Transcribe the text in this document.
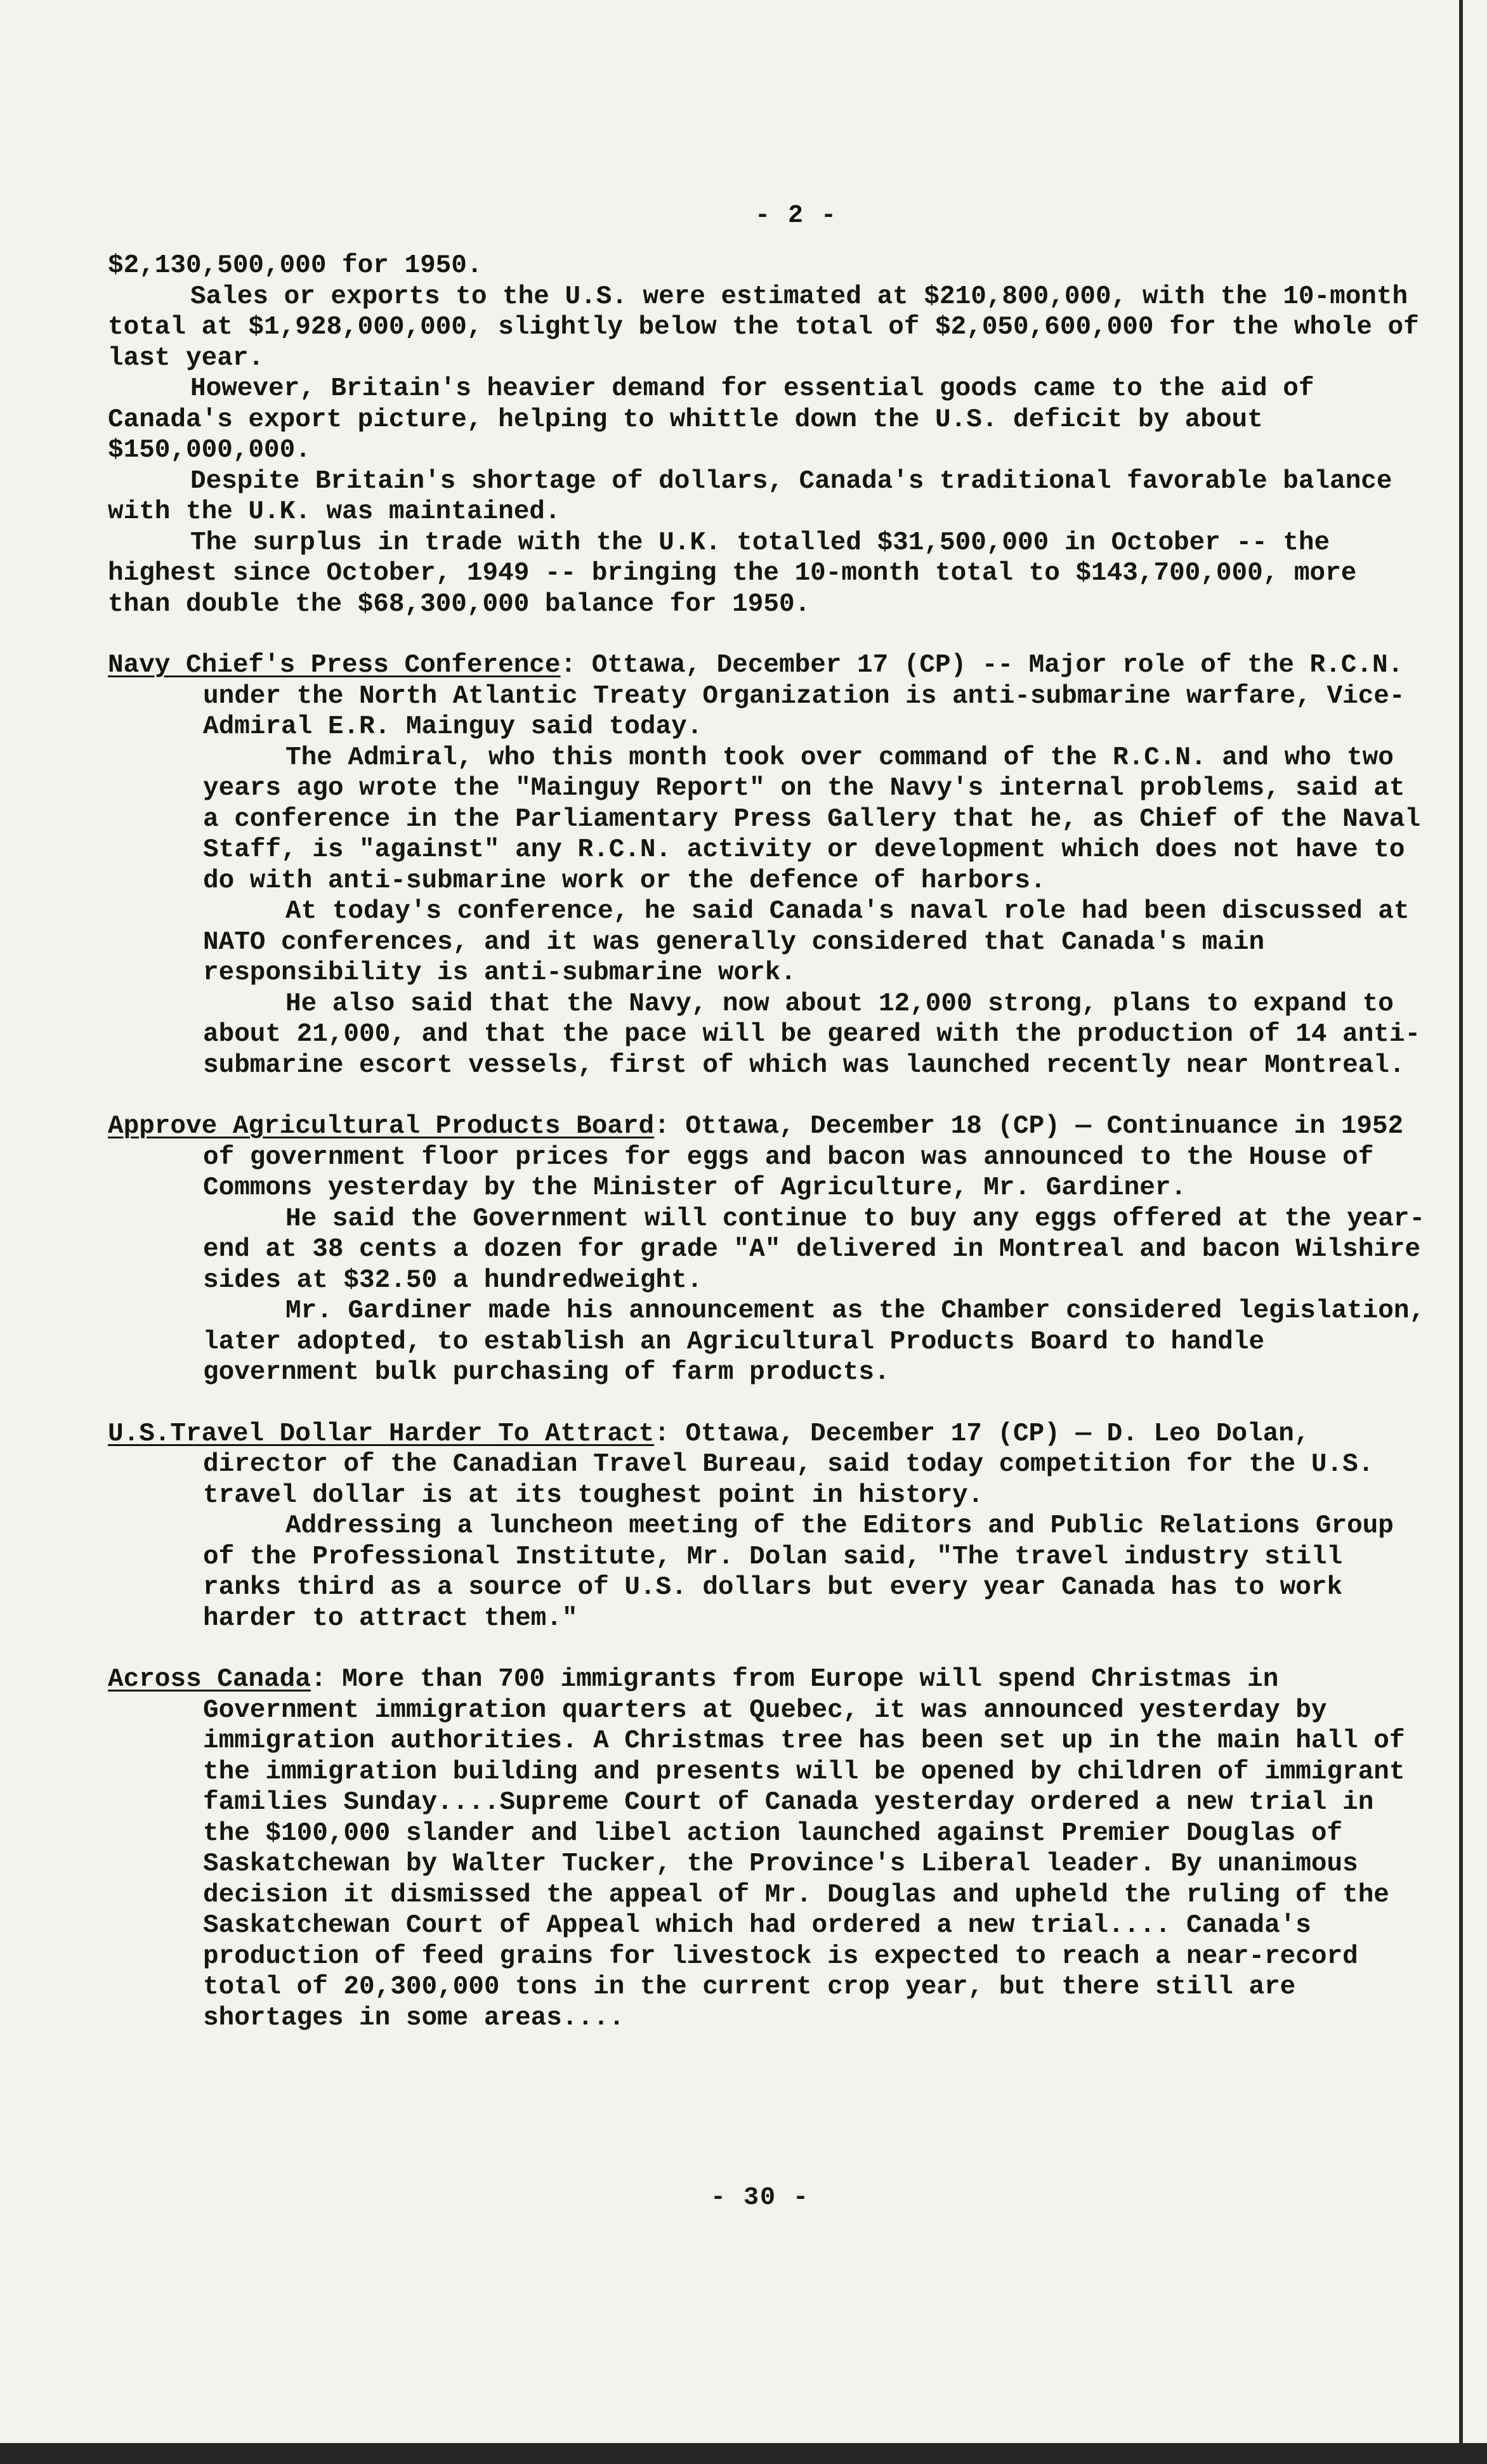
- 2 -

$2,130,500,000 for 1950.

Sales or exports to the U.S. were estimated at $210,800,000, with the 10-month total at $1,928,000,000, slightly below the total of $2,050,600,000 for the whole of last year.

However, Britain's heavier demand for essential goods came to the aid of Canada's export picture, helping to whittle down the U.S. deficit by about $150,000,000.

Despite Britain's shortage of dollars, Canada's traditional favorable balance with the U.K. was maintained.

The surplus in trade with the U.K. totalled $31,500,000 in October -- the highest since October, 1949 -- bringing the 10-month total to $143,700,000, more than double the $68,300,000 balance for 1950.

Navy Chief's Press Conference: Ottawa, December 17 (CP) -- Major role of the R.C.N. under the North Atlantic Treaty Organization is anti-submarine warfare, Vice-Admiral E.R. Mainguy said today.

The Admiral, who this month took over command of the R.C.N. and who two years ago wrote the "Mainguy Report" on the Navy's internal problems, said at a conference in the Parliamentary Press Gallery that he, as Chief of the Naval Staff, is "against" any R.C.N. activity or development which does not have to do with anti-submarine work or the defence of harbors.

At today's conference, he said Canada's naval role had been discussed at NATO conferences, and it was generally considered that Canada's main responsibility is anti-submarine work.

He also said that the Navy, now about 12,000 strong, plans to expand to about 21,000, and that the pace will be geared with the production of 14 anti-submarine escort vessels, first of which was launched recently near Montreal.

Approve Agricultural Products Board: Ottawa, December 18 (CP) — Continuance in 1952 of government floor prices for eggs and bacon was announced to the House of Commons yesterday by the Minister of Agriculture, Mr. Gardiner.

He said the Government will continue to buy any eggs offered at the year-end at 38 cents a dozen for grade "A" delivered in Montreal and bacon Wilshire sides at $32.50 a hundredweight.

Mr. Gardiner made his announcement as the Chamber considered legislation, later adopted, to establish an Agricultural Products Board to handle government bulk purchasing of farm products.

U.S.Travel Dollar Harder To Attract: Ottawa, December 17 (CP) — D. Leo Dolan, director of the Canadian Travel Bureau, said today competition for the U.S. travel dollar is at its toughest point in history.

Addressing a luncheon meeting of the Editors and Public Relations Group of the Professional Institute, Mr. Dolan said, "The travel industry still ranks third as a source of U.S. dollars but every year Canada has to work harder to attract them."

Across Canada: More than 700 immigrants from Europe will spend Christmas in Government immigration quarters at Quebec, it was announced yesterday by immigration authorities. A Christmas tree has been set up in the main hall of the immigration building and presents will be opened by children of immigrant families Sunday....Supreme Court of Canada yesterday ordered a new trial in the $100,000 slander and libel action launched against Premier Douglas of Saskatchewan by Walter Tucker, the Province's Liberal leader. By unanimous decision it dismissed the appeal of Mr. Douglas and upheld the ruling of the Saskatchewan Court of Appeal which had ordered a new trial.... Canada's production of feed grains for livestock is expected to reach a near-record total of 20,300,000 tons in the current crop year, but there still are shortages in some areas....

- 30 -
